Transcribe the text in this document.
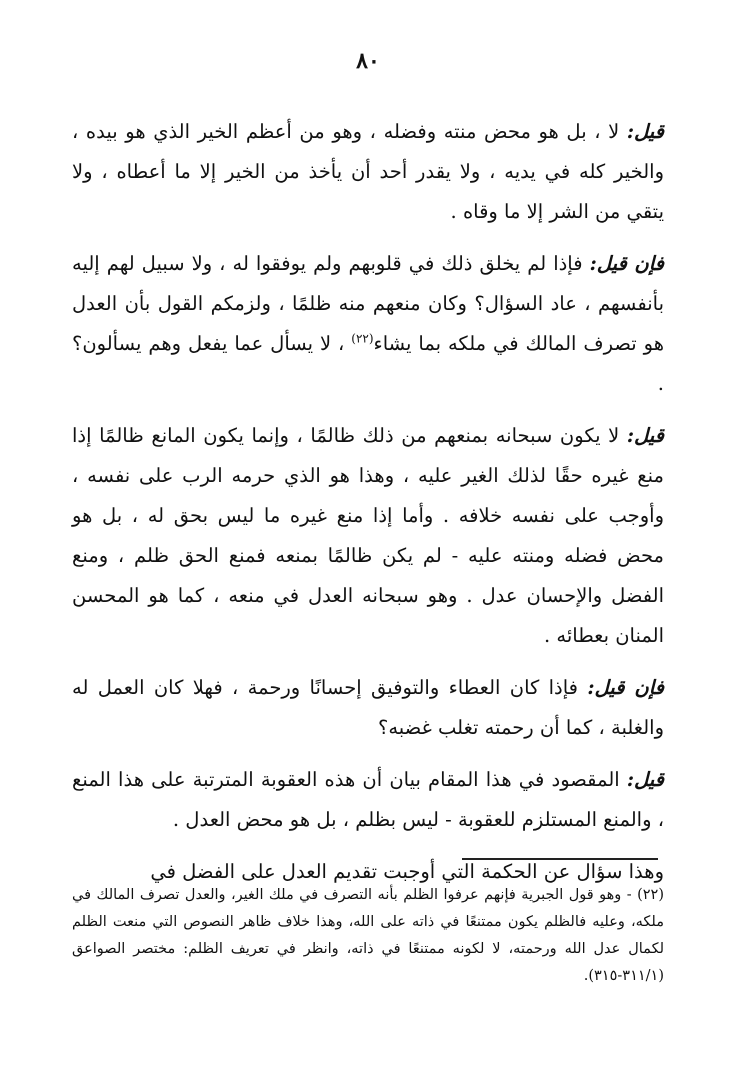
٨٠

قيل: لا ، بل هو محض منته وفضله ، وهو من أعظم الخير الذي هو بيده ، والخير كله في يديه ، ولا يقدر أحد أن يأخذ من الخير إلا ما أعطاه ، ولا يتقي من الشر إلا ما وقاه .

فإن قيل: فإذا لم يخلق ذلك في قلوبهم ولم يوفقوا له ، ولا سبيل لهم إليه بأنفسهم ، عاد السؤال؟ وكان منعهم منه ظلمًا ، ولزمكم القول بأن العدل هو تصرف المالك في ملكه بما يشاء$^{(٢٢)}$ ، لا يسأل عما يفعل وهم يسألون؟ .

قيل: لا يكون سبحانه بمنعهم من ذلك ظالمًا ، وإنما يكون المانع ظالمًا إذا منع غيره حقًا لذلك الغير عليه ، وهذا هو الذي حرمه الرب على نفسه ، وأوجب على نفسه خلافه . وأما إذا منع غيره ما ليس بحق له ، بل هو محض فضله ومنته عليه - لم يكن ظالمًا بمنعه فمنع الحق ظلم ، ومنع الفضل والإحسان عدل . وهو سبحانه العدل في منعه ، كما هو المحسن المنان بعطائه .

فإن قيل: فإذا كان العطاء والتوفيق إحسانًا ورحمة ، فهلا كان العمل له والغلبة ، كما أن رحمته تغلب غضبه؟

قيل: المقصود في هذا المقام بيان أن هذه العقوبة المترتبة على هذا المنع ، والمنع المستلزم للعقوبة - ليس بظلم ، بل هو محض العدل .

وهذا سؤال عن الحكمة التي أوجبت تقديم العدل على الفضل في

(٢٢) - وهو قول الجبرية فإنهم عرفوا الظلم بأنه التصرف في ملك الغير، والعدل تصرف المالك في ملكه، وعليه فالظلم يكون ممتنعًا في ذاته على الله، وهذا خلاف ظاهر النصوص التي منعت الظلم لكمال عدل الله ورحمته، لا لكونه ممتنعًا في ذاته، وانظر في تعريف الظلم: مختصر الصواعق (٣١١/١-٣١٥).
